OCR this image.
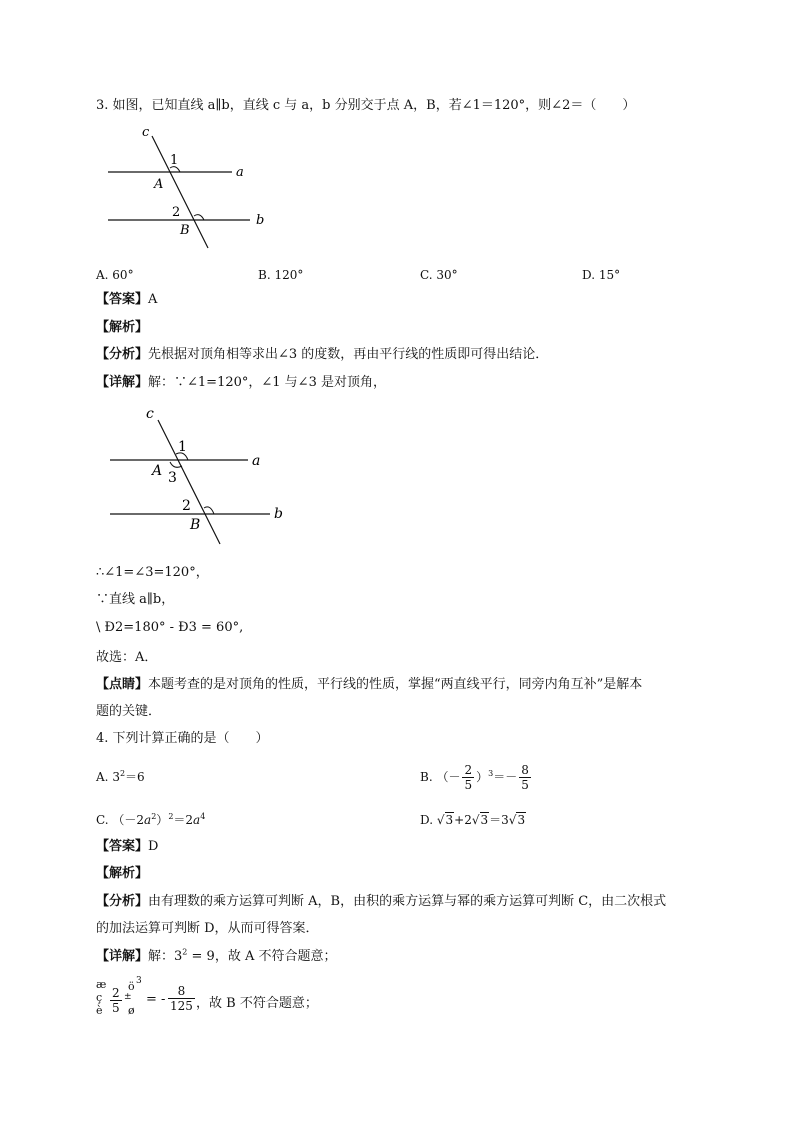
3. 如图，已知直线 a∥b，直线 c 与 a，b 分别交于点 A，B，若∠1＝120°，则∠2＝（　　）
c
1
a
A
2
b
B
A. 60°	B. 120°	C. 30°	D. 15°
【答案】A
【解析】
【分析】先根据对顶角相等求出∠3 的度数，再由平行线的性质即可得出结论．
【详解】解：∵∠1=120°，∠1 与∠3 是对顶角，
c
1
a
A 3
2	b
B
∴∠1=∠3=120°，
∵直线 a∥b，
\ Ð2=180° - Ð3 = 60°,
故选：A．
【点睛】本题考查的是对顶角的性质，平行线的性质，掌握“两直线平行，同旁内角互补”是解本
题的关键．
4. 下列计算正确的是（　　）
A. $3^2=6$	B. （－ $\frac{2}{5} )^3=- \frac{8}{5}$
C. $(-2a^2)^2=2a^4$	D. √3+2√3＝3√3
【答案】D
【解析】
【分析】由有理数的乘方运算可判断 A，B，由积的乘方运算与幂的乘方运算可判断 C，由二次根式
的加法运算可判断 D，从而可得答案．
【详解】解：$3^2 = 9$，故 A 不符合题意；
æ
ç
è $\frac{2}{5}$ ±
ö
ø
3
= - $\frac{8}{125}$ ，故 B 不符合题意；
